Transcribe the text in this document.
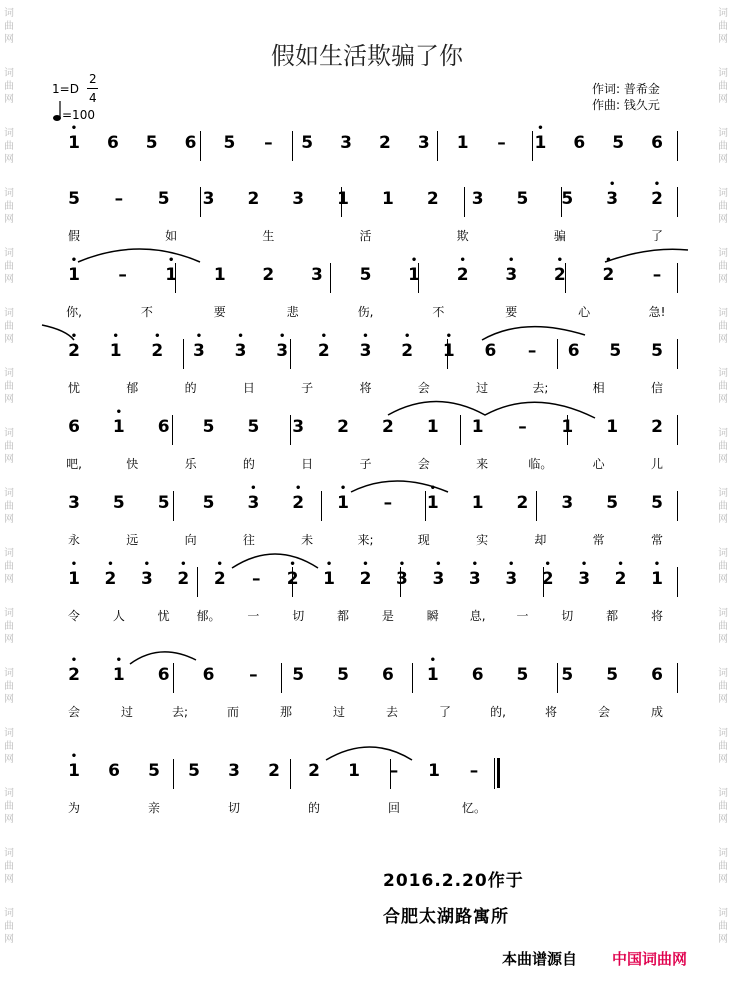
词
曲
网
词
曲
网
词
曲
网
词
曲
网
词
曲
网
词
曲
网
词
曲
网
词
曲
网
词
曲
网
词
曲
网
词
曲
网
词
曲
网
词
曲
网
词
曲
网
词
曲
网
词
曲
网
词
曲
网
词
曲
网
词
曲
网
词
曲
网
词
曲
网
词
曲
网
词
曲
网
词
曲
网
词
曲
网
词
曲
网
词
曲
网
词
曲
网
词
曲
网
词
曲
网
词
曲
网
词
曲
网
假如生活欺骗了你
1=D
2
4
=100
作词: 普希金
作曲: 钱久元
1
•
6 5 6 5 – 5 3 2 3 1 – 1
•
6 5 6
5 – 5 3 2 3 1 1 2 3 5 5 3
•
2
•
假	如	生	活	欺	骗	了
1
•
– 1
•
1 2 3 5 1
•
2
•
3
•
2
•
2
•
–
你,	不	要	悲	伤,	不	要	心	急!
2
•
1
•
2
•
3
•
3
•
3
•
2
•
3
•
2
•
1
•
6 – 6 5 5
忧	郁	的	日	子	将	会	过	去;	相	信
6 1
•
6 5 5 3 2 2 1 1 – 1 1 2
吧,	快	乐	的	日	子	会	来	临。	心	儿
3 5 5 5 3
•
2
•
1
•
– 1
•
1 2 3 5 5
永	远	向	往	未	来;	现	实	却	常	常
1
•
2
•
3
•
2
•
2
•
– 2
•
1
•
2
•
3
•
3
•
3
•
3
•
2
•
3
•
2
•
1
•
令	人	忧 郁。 一	切	都	是	瞬	息,	一	切	都	将
2
•
1
•
6 6 – 5 5 6 1
•
6 5 5 5 6
会	过	去;	而	那	过	去	了	的,	将	会	成
1
•
6 5 5 3 2 2 1 – 1 –
为	亲	切	的	回	忆。
2016.2.20作于
合肥太湖路寓所
本曲谱源自 中国词曲网
